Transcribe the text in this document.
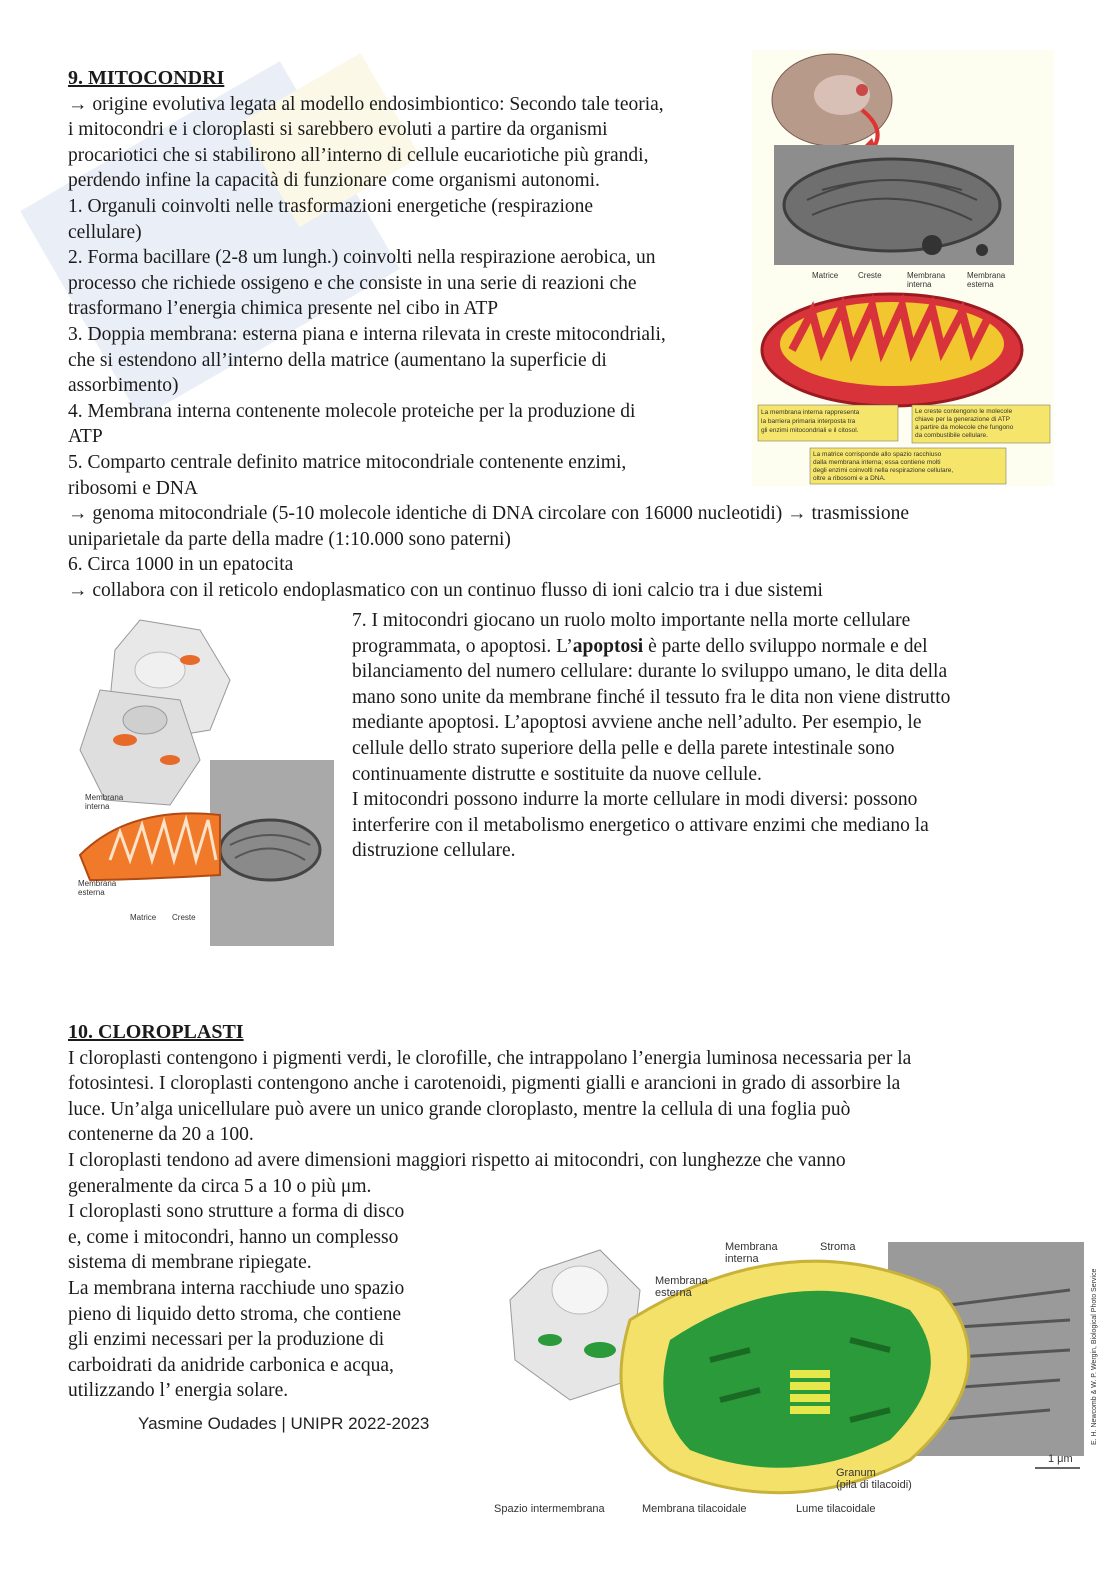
9. MITOCONDRI
→ origine evolutiva legata al modello endosimbiontico: Secondo tale teoria,
i mitocondri e i cloroplasti si sarebbero evoluti a partire da organismi
procariotici che si stabilirono all’interno di cellule eucariotiche più grandi,
perdendo infine la capacità di funzionare come organismi autonomi.
1. Organuli coinvolti nelle trasformazioni energetiche (respirazione
cellulare)
2. Forma bacillare (2-8 um lungh.) coinvolti nella respirazione aerobica, un
processo che richiede ossigeno e che consiste in una serie di reazioni che
trasformano l’energia chimica presente nel cibo in ATP
3. Doppia membrana: esterna piana e interna rilevata in creste mitocondriali,
che si estendono all’interno della matrice (aumentano la superficie di
assorbimento)
4. Membrana interna contenente molecole proteiche per la produzione di
ATP
5. Comparto centrale definito matrice mitocondriale contenente enzimi,
ribosomi e DNA
→ genoma mitocondriale (5-10 molecole identiche di DNA circolare con 16000 nucleotidi) → trasmissione
uniparietale da parte della madre (1:10.000 sono paterni)
6. Circa 1000 in un epatocita
→ collabora con il reticolo endoplasmatico con un continuo flusso di ioni calcio tra i due sistemi
Matrice Creste	Membrana
interna
Membrana
esterna
La membrana interna rappresenta la barriera primaria interposta tra gli enzimi mitocondriali e il citosol.
Le creste contengono le molecole chiave per la generazione di ATP a partire da molecole che fungono da combustibile cellulare.
La matrice corrisponde allo spazio racchiuso dalla membrana interna; essa contiene molti degli enzimi coinvolti nella respirazione cellulare, oltre a ribosomi e a DNA.
Membrana
interna
Membrana
esterna
Matrice Creste
7. I mitocondri giocano un ruolo molto importante nella morte cellulare
programmata, o apoptosi. L’apoptosi è parte dello sviluppo normale e del
bilanciamento del numero cellulare: durante lo sviluppo umano, le dita della
mano sono unite da membrane finché il tessuto fra le dita non viene distrutto
mediante apoptosi. L’apoptosi avviene anche nell’adulto. Per esempio, le
cellule dello strato superiore della pelle e della parete intestinale sono
continuamente distrutte e sostituite da nuove cellule.
I mitocondri possono indurre la morte cellulare in modi diversi: possono
interferire con il metabolismo energetico o attivare enzimi che mediano la
distruzione cellulare.
10. CLOROPLASTI
I cloroplasti contengono i pigmenti verdi, le clorofille, che intrappolano l’energia luminosa necessaria per la
fotosintesi. I cloroplasti contengono anche i carotenoidi, pigmenti gialli e arancioni in grado di assorbire la
luce. Un’alga unicellulare può avere un unico grande cloroplasto, mentre la cellula di una foglia può
contenerne da 20 a 100.
I cloroplasti tendono ad avere dimensioni maggiori rispetto ai mitocondri, con lunghezze che vanno
generalmente da circa 5 a 10 o più μm.
I cloroplasti sono strutture a forma di disco
e, come i mitocondri, hanno un complesso
sistema di membrane ripiegate.
La membrana interna racchiude uno spazio
pieno di liquido detto stroma, che contiene
gli enzimi necessari per la produzione di
carboidrati da anidride carbonica e acqua,
utilizzando l’ energia solare.
Yasmine Oudades | UNIPR 2022-2023	E. H. Newcomb & W. P. Wergin, Biological Photo Service
Membrana
interna
Stroma
Membrana
esterna
Granum
(pila di tilacoidi)
Spazio intermembrana	Membrana tilacoidale	Lume tilacoidale
1 μm
